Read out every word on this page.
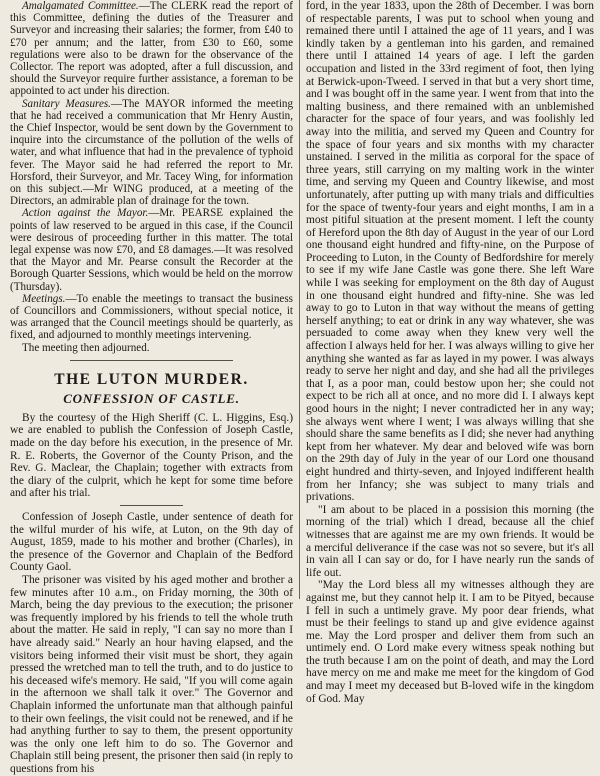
Amalgamated Committee.—The CLERK read the report of this Committee, defining the duties of the Treasurer and Surveyor and increasing their salaries; the former, from £40 to £70 per annum; and the latter, from £30 to £60, some regulations were also to be drawn for the observance of the Collector. The report was adopted, after a full discussion, and should the Surveyor require further assistance, a foreman to be appointed to act under his direction.

Sanitary Measures.—The MAYOR informed the meeting that he had received a communication that Mr Henry Austin, the Chief Inspector, would be sent down by the Government to inquire into the circumstance of the pollution of the wells of water, and what influence that had in the prevalence of typhoid fever. The Mayor said he had referred the report to Mr. Horsford, their Surveyor, and Mr. Tacey Wing, for information on this subject.—Mr WING produced, at a meeting of the Directors, an admirable plan of drainage for the town.

Action against the Mayor.—Mr. PEARSE explained the points of law reserved to be argued in this case, if the Council were desirous of proceeding further in this matter. The total legal expense was now £70, and £8 damages.—It was resolved that the Mayor and Mr. Pearse consult the Recorder at the Borough Quarter Sessions, which would be held on the morrow (Thursday).

Meetings.—To enable the meetings to transact the business of Councillors and Commissioners, without special notice, it was arranged that the Council meetings should be quarterly, as fixed, and adjourned to monthly meetings intervening.

The meeting then adjourned.

THE LUTON MURDER.
CONFESSION OF CASTLE.

By the courtesy of the High Sheriff (C. L. Higgins, Esq.) we are enabled to publish the Confession of Joseph Castle, made on the day before his execution, in the presence of Mr. R. E. Roberts, the Governor of the County Prison, and the Rev. G. Maclear, the Chaplain; together with extracts from the diary of the culprit, which he kept for some time before and after his trial.

Confession of Joseph Castle, under sentence of death for the wilful murder of his wife, at Luton, on the 9th day of August, 1859, made to his mother and brother (Charles), in the presence of the Governor and Chaplain of the Bedford County Gaol.

The prisoner was visited by his aged mother and brother a few minutes after 10 a.m., on Friday morning, the 30th of March, being the day previous to the execution; the prisoner was frequently implored by his friends to tell the whole truth about the matter. He said in reply, "I can say no more than I have already said." Nearly an hour having elapsed, and the visitors being informed their visit must be short, they again pressed the wretched man to tell the truth, and to do justice to his deceased wife's memory. He said, "If you will come again in the afternoon we shall talk it over." The Governor and Chaplain informed the unfortunate man that although painful to their own feelings, the visit could not be renewed, and if he had anything further to say to them, the present opportunity was the only one left him to do so. The Governor and Chaplain still being present, the prisoner then said (in reply to questions from his

ford, in the year 1833, upon the 28th of December. I was born of respectable parents, I was put to school when young and remained there until I attained the age of 11 years, and I was kindly taken by a gentleman into his garden, and remained there until I attained 14 years of age. I left the garden occupation and listed in the 33rd regiment of foot, then lying at Berwick-upon-Tweed. I served in that but a very short time, and I was bought off in the same year. I went from that into the malting business, and there remained with an unblemished character for the space of four years, and was foolishly led away into the militia, and served my Queen and Country for the space of four years and six months with my character unstained. I served in the militia as corporal for the space of three years, still carrying on my malting work in the winter time, and serving my Queen and Country likewise, and most unfortunately, after putting up with many trials and difficulties for the space of twenty-four years and eight months, I am in a most pitiful situation at the present moment. I left the county of Hereford upon the 8th day of August in the year of our Lord one thousand eight hundred and fifty-nine, on the Purpose of Proceeding to Luton, in the County of Bedfordshire for merely to see if my wife Jane Castle was gone there. She left Ware while I was seeking for employment on the 8th day of August in one thousand eight hundred and fifty-nine. She was led away to go to Luton in that way without the means of getting herself anything; to eat or drink in any way whatever, she was persuaded to come away when they knew very well the affection I always held for her. I was always willing to give her anything she wanted as far as layed in my power. I was always ready to serve her night and day, and she had all the privileges that I, as a poor man, could bestow upon her; she could not expect to be rich all at once, and no more did I. I always kept good hours in the night; I never contradicted her in any way; she always went where I went; I was always willing that she should share the same benefits as I did; she never had anything kept from her whatever. My dear and beloved wife was born on the 29th day of July in the year of our Lord one thousand eight hundred and thirty-seven, and Injoyed indifferent health from her Infancy; she was subject to many trials and privations.

"I am about to be placed in a possision this morning (the morning of the trial) which I dread, because all the chief witnesses that are against me are my own friends. It would be a merciful deliverance if the case was not so severe, but it's all in vain all I can say or do, for I have nearly run the sands of life out.

"May the Lord bless all my witnesses although they are against me, but they cannot help it. I am to be Pityed, because I fell in such a untimely grave. My poor dear friends, what must be their feelings to stand up and give evidence against me. May the Lord prosper and deliver them from such an untimely end. O Lord make every witness speak nothing but the truth because I am on the point of death, and may the Lord have mercy on me and make me meet for the kingdom of God and may I meet my deceased but B-loved wife in the kingdom of God. May
